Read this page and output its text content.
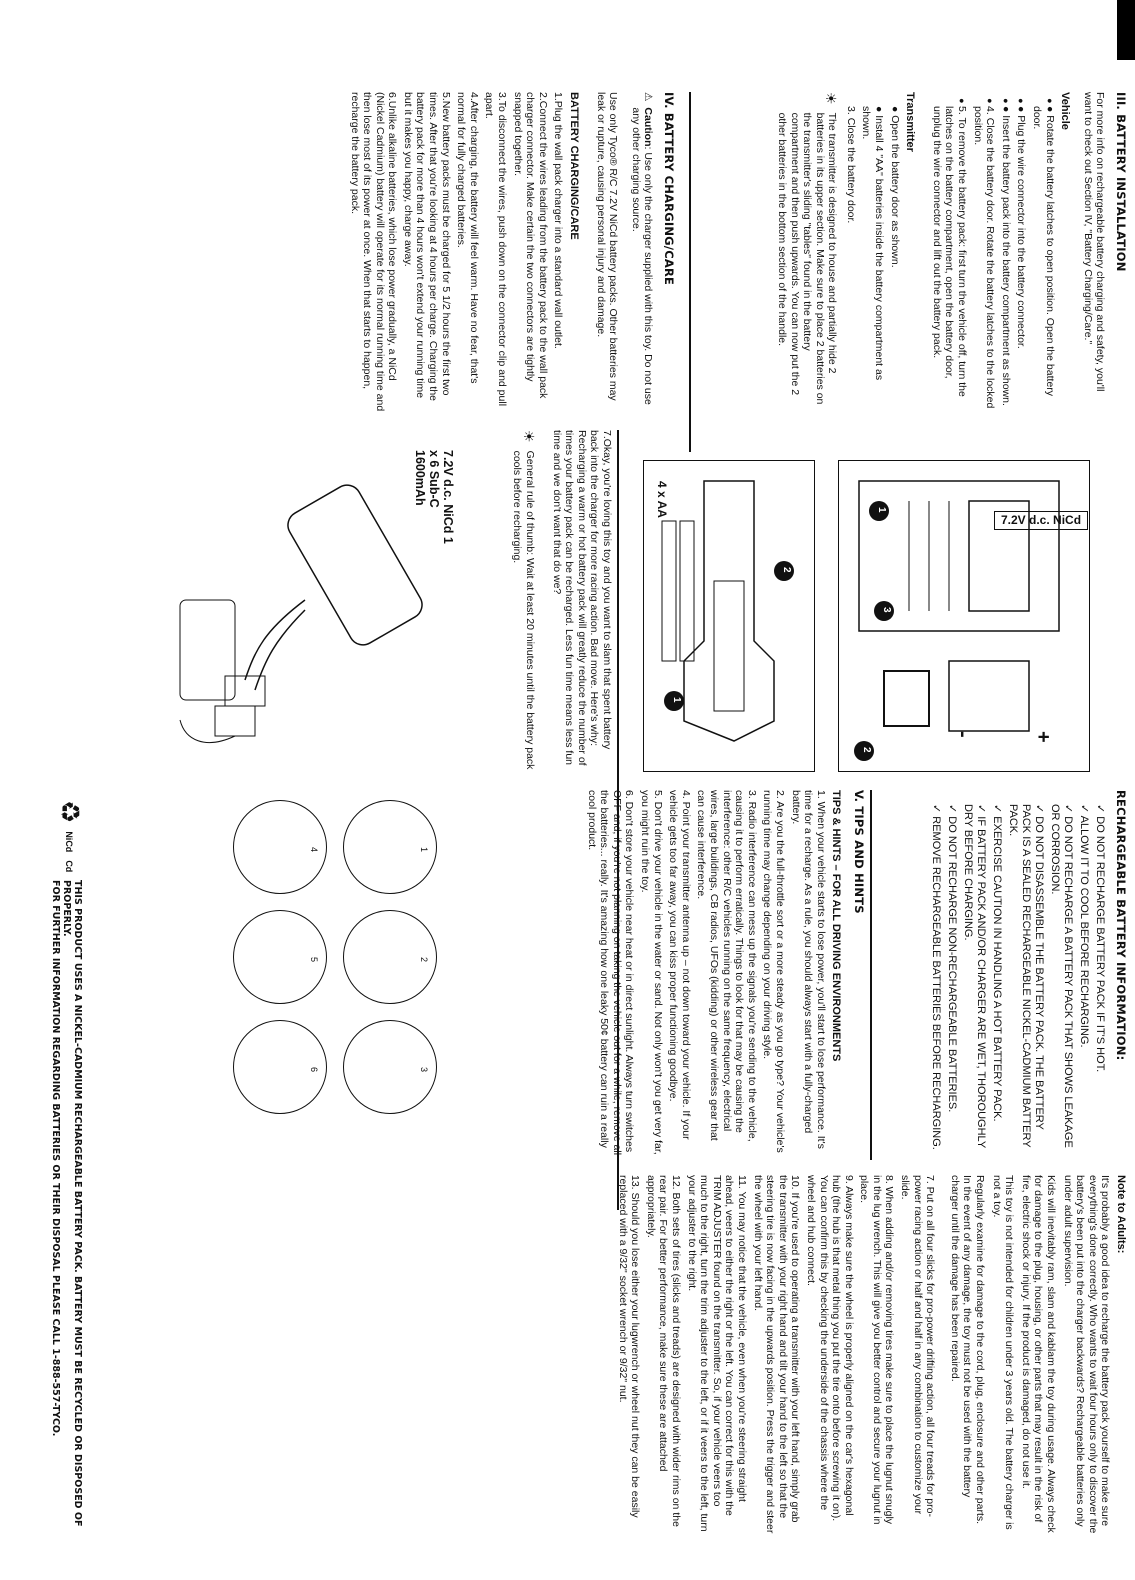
III. BATTERY INSTALLATION

For more info on rechargeable battery charging and safety, you'll want to check out Section IV, "Battery Charging/Care."

Vehicle
● Rotate the battery latches to open position. Open the battery door.
● Plug the wire connector into the battery connector.
● Insert the battery pack into the battery compartment as shown.
4. Close the battery door. Rotate the battery latches to the locked position.
5. To remove the battery pack: first turn the vehicle off, turn the latches on the battery compartment, open the battery door, unplug the wire connector and lift out the battery pack.
Transmitter
● Open the battery door as shown.
● Install 4 "AA" batteries inside the battery compartment as shown.
3. Close the battery door.
☀
The transmitter is designed to house and partially hide 2 batteries in its upper section. Make sure to place 2 batteries on the transmitter's sliding "tables" found in the battery compartment and then push upwards. You can now put the 2 other batteries in the bottom section of the handle.
IV. BATTERY CHARGING/CARE
⚠
Caution: Use only the charger supplied with this toy. Do not use any other charging source.

Use only Tyco® R/C 7.2V NiCd battery packs. Other batteries may leak or rupture, causing personal injury and damage.

BATTERY CHARGING/CARE
1.Plug the wall pack charger into a standard wall outlet.
2.Connect the wires leading from the battery pack to the wall pack charger connector. Make certain the two connectors are tightly snapped together.
3.To disconnect the wires, push down on the connector clip and pull apart.
4.After charging, the battery will feel warm. Have no fear, that's normal for fully charged batteries.
5.New battery packs must be charged for 5 1/2 hours the first two times. After that you're looking at 4 hours per charge. Charging the battery pack for more than 4 hours won't extend your running time but it makes you happy, charge away.
6.Unlike alkaline batteries, which lose power gradually, a NiCd (Nickel Cadmium) battery will operate for its normal running time and then lose most of its power at once. When that starts to happen, recharge the battery pack.
7.2V d.c. NiCd
+
-
1
2
3
1
2
4 x AA

7.Okay, you're loving this toy and you want to slam that spent battery back into the charger for more racing action. Bad move. Here's why: Recharging a warm or hot battery pack will greatly reduce the number of times your battery pack can be recharged. Less fun time means less fun time and we don't want that do we?

☀
General rule of thumb: Wait at least 20 minutes until the battery pack cools before recharging.
7.2V d.c. NiCd 1
x 6 Sub-C
1600mAh
RECHARGEABLE BATTERY INFORMATION:
✓ DO NOT RECHARGE BATTERY PACK IF IT'S HOT.
✓ ALLOW IT TO COOL BEFORE RECHARGING.
✓ DO NOT RECHARGE A BATTERY PACK THAT SHOWS LEAKAGE OR CORROSION.
✓ DO NOT DISASSEMBLE THE BATTERY PACK. THE BATTERY PACK IS A SEALED RECHARGEABLE NICKEL-CADMIUM BATTERY PACK.
✓ EXERCISE CAUTION IN HANDLING A HOT BATTERY PACK.
✓ IF BATTERY PACK AND/OR CHARGER ARE WET, THOROUGHLY DRY BEFORE CHARGING.
✓ DO NOT RECHARGE NON-RECHARGEABLE BATTERIES.
✓ REMOVE RECHARGEABLE BATTERIES BEFORE RECHARGING.
V. TIPS AND HINTS
TIPS & HINTS – FOR ALL DRIVING ENVIRONMENTS
1. When your vehicle starts to lose power, you'll start to lose performance. It's time for a recharge. As a rule, you should always start with a fully-charged battery.
2. Are you the full-throttle sort or a more steady as you go type? Your vehicle's running time may change depending on your driving style.
3. Radio interference can mess up the signals you're sending to the vehicle, causing it to perform erratically. Things to look for that may be causing the interference: other R/C vehicles running on the same frequency, electrical wires, large buildings, CB radios, UFOs (kidding) or other wireless gear that can cause interference.
4. Point your transmitter antenna up – not down toward your vehicle. If your vehicle gets too far away, you can kiss proper functioning goodbye.
5. Don't drive your vehicle in the water or sand. Not only won't you get very far, you might ruin the toy.
6. Don't store your vehicle near heat or in direct sunlight. Always turn switches OFF and, if you're not planning on taking the vehicle out for a while, remove all the batteries... really. It's amazing how one leaky 50¢ battery can ruin a really cool product.
1
2
3
4
5
6
Note to Adults:

It's probably a good idea to recharge the battery pack yourself to make sure everything's done correctly. Who wants to wait four hours only to discover the battery's been put into the charger backwards? Rechargeable batteries only under adult supervision.

Kids will inevitably ram, slam and kablam the toy during usage. Always check for damage to the plug, housing, or other parts that may result in the risk of fire, electric shock or injury. If the product is damaged, do not use it.

This toy is not intended for children under 3 years old. The battery charger is not a toy.

Regularly examine for damage to the cord, plug, enclosure and other parts. In the event of any damage, the toy must not be used with the battery charger until the damage has been repaired.

7. Put on all four slicks for pro-power drifting action, all four treads for pro-power racing action or half and half in any combination to customize your slide.
8. When adding and/or removing tires make sure to place the lugnut snugly in the lug wrench. This will give you better control and secure your lugnut in place.
9. Always make sure the wheel is properly aligned on the car's hexagonal hub (the hub is that metal thing you put the tire onto before screwing it on). You can confirm this by checking the underside of the chassis where the wheel and hub connect.
10. If you're used to operating a transmitter with your left hand, simply grab the transmitter with your right hand and tilt your hand to the left so that the steering tire is now facing in the upwards position. Press the trigger and steer the wheel with your left hand.
11. You may notice that the vehicle, even when you're steering straight ahead, veers to either the right or the left. You can correct for this with the TRIM ADJUSTER found on the transmitter. So, if your vehicle veers too much to the right, turn the trim adjuster to the left, or if it veers to the left, turn your adjuster to the right.
12. Both sets of tires (slicks and treads) are designed with wider rims on the rear pair. For better performance, make sure these are attached appropriately.
13. Should you lose either your lugwrench or wheel nut they can be easily replaced with a 9/32" socket wrench or 9/32" nut.
♻
NiCd
Cd
THIS PRODUCT USES A NICKEL-CADMIUM RECHARGEABLE BATTERY PACK. BATTERY MUST BE RECYCLED OR DISPOSED OF PROPERLY.
FOR FURTHER INFORMATION REGARDING BATTERIES OR THEIR DISPOSAL PLEASE CALL 1-888-557-TYCO.
